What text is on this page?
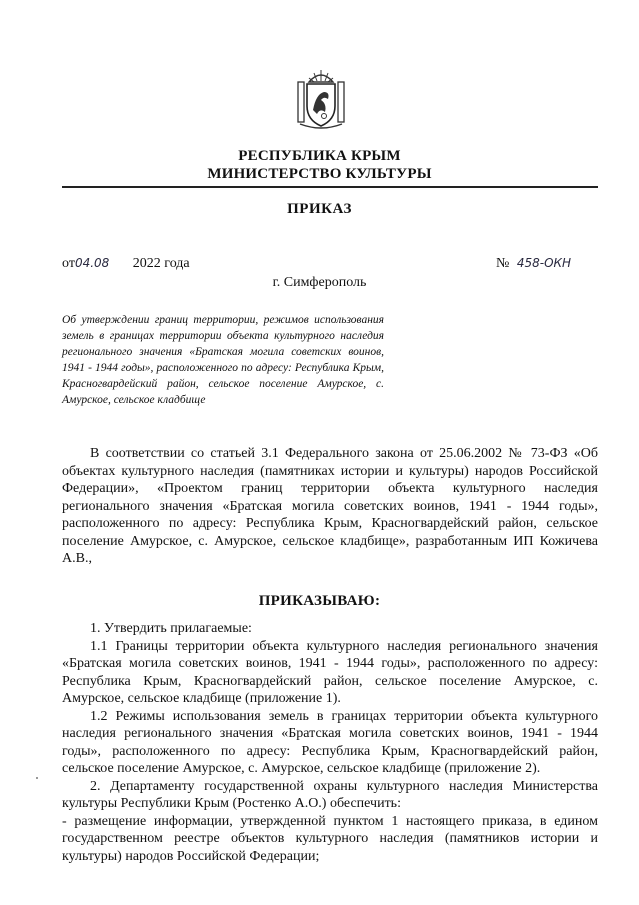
РЕСПУБЛИКА КРЫМ
МИНИСТЕРСТВО КУЛЬТУРЫ
ПРИКАЗ
от04.08 2022 года	№ 458-ОКН
г. Симферополь
Об утверждении границ территории, режимов использования земель в границах территории объекта культурного наследия регионального значения «Братская могила советских воинов, 1941 - 1944 годы», расположенного по адресу: Республика Крым, Красногвардейский район, сельское поселение Амурское, с. Амурское, сельское кладбище
В соответствии со статьей 3.1 Федерального закона от 25.06.2002 № 73-ФЗ «Об объектах культурного наследия (памятниках истории и культуры) народов Российской Федерации», «Проектом границ территории объекта культурного наследия регионального значения «Братская могила советских воинов, 1941 - 1944 годы», расположенного по адресу: Республика Крым, Красногвардейский район, сельское поселение Амурское, с. Амурское, сельское кладбище», разработанным ИП Кожичева А.В.,
ПРИКАЗЫВАЮ:
1. Утвердить прилагаемые:
1.1 Границы территории объекта культурного наследия регионального значения «Братская могила советских воинов, 1941 - 1944 годы», расположенного по адресу: Республика Крым, Красногвардейский район, сельское поселение Амурское, с. Амурское, сельское кладбище (приложение 1).
1.2 Режимы использования земель в границах территории объекта культурного наследия регионального значения «Братская могила советских воинов, 1941 - 1944 годы», расположенного по адресу: Республика Крым, Красногвардейский район, сельское поселение Амурское, с. Амурское, сельское кладбище (приложение 2).
2. Департаменту государственной охраны культурного наследия Министерства культуры Республики Крым (Ростенко А.О.) обеспечить:
- размещение информации, утвержденной пунктом 1 настоящего приказа, в едином государственном реестре объектов культурного наследия (памятников истории и культуры) народов Российской Федерации;
